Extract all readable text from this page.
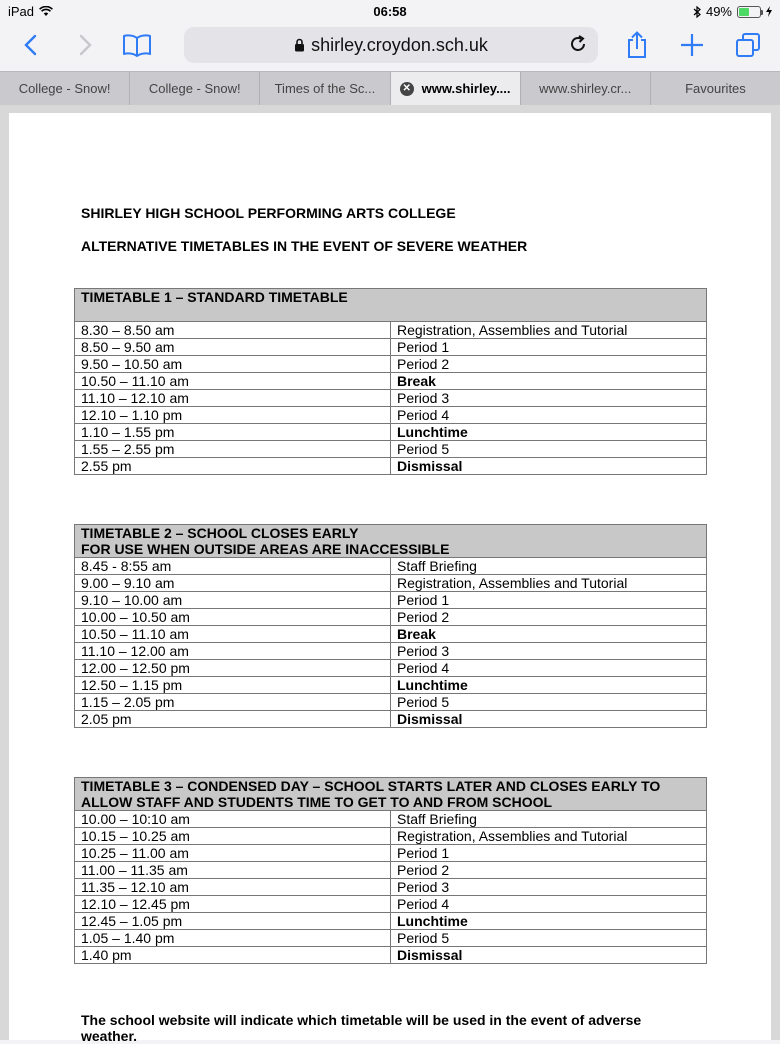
iPad	06:58	49%
shirley.croydon.sch.uk
College - Snow!	College - Snow!	Times of the Sc...	✕ www.shirley.... www.shirley.cr...	Favourites
SHIRLEY HIGH SCHOOL PERFORMING ARTS COLLEGE
ALTERNATIVE TIMETABLES IN THE EVENT OF SEVERE WEATHER
TIMETABLE 1 – STANDARD TIMETABLE	
8.30 – 8.50 am	Registration, Assemblies and Tutorial
8.50 – 9.50 am	Period 1
9.50 – 10.50 am	Period 2
10.50 – 11.10 am	Break
11.10 – 12.10 am	Period 3
12.10 – 1.10 pm	Period 4
1.10 – 1.55 pm	Lunchtime
1.55 – 2.55 pm	Period 5
2.55 pm	Dismissal
TIMETABLE 2 – SCHOOL CLOSES EARLY
FOR USE WHEN OUTSIDE AREAS ARE INACCESSIBLE	

8.45 - 8:55 am	Staff Briefing
9.00 – 9.10 am	Registration, Assemblies and Tutorial
9.10 – 10.00 am	Period 1
10.00 – 10.50 am	Period 2
10.50 – 11.10 am	Break
11.10 – 12.00 am	Period 3
12.00 – 12.50 pm	Period 4
12.50 – 1.15 pm	Lunchtime
1.15 – 2.05 pm	Period 5
2.05 pm	Dismissal
TIMETABLE 3 – CONDENSED DAY – SCHOOL STARTS LATER AND CLOSES EARLY TO
ALLOW STAFF AND STUDENTS TIME TO GET TO AND FROM SCHOOL	

10.00 – 10:10 am	Staff Briefing
10.15 – 10.25 am	Registration, Assemblies and Tutorial
10.25 – 11.00 am	Period 1
11.00 – 11.35 am	Period 2
11.35 – 12.10 am	Period 3
12.10 – 12.45 pm	Period 4
12.45 – 1.05 pm	Lunchtime
1.05 – 1.40 pm	Period 5
1.40 pm	Dismissal
The school website will indicate which timetable will be used in the event of adverse weather.
